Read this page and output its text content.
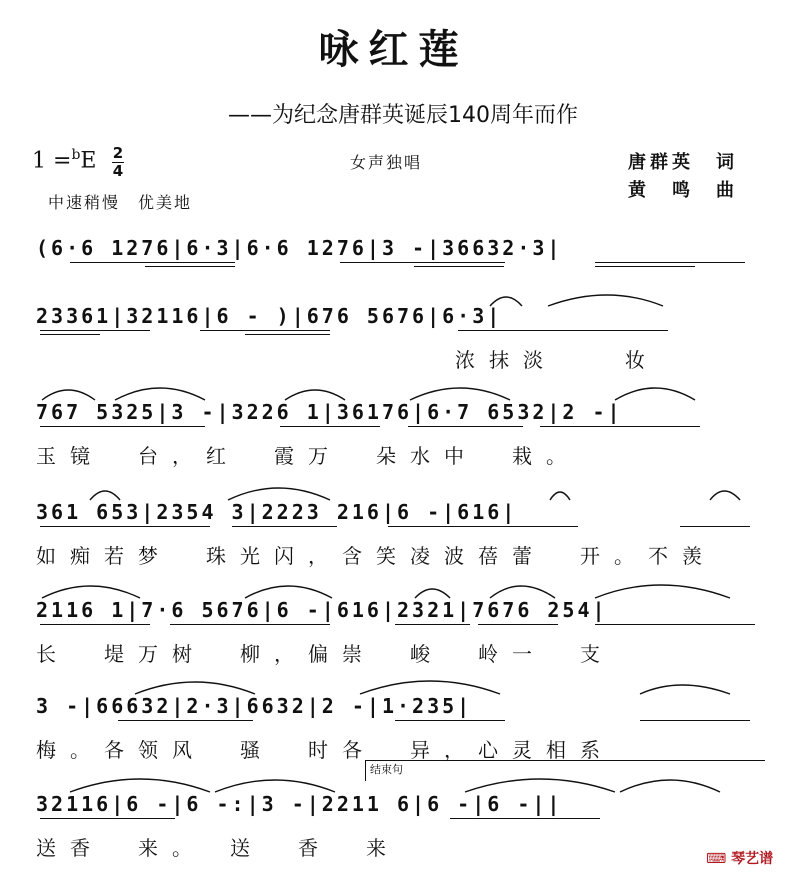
咏红莲
——为纪念唐群英诞辰140周年而作
1 =$^b$E 2
4
中速稍慢　优美地
女声独唱	唐群英　词
黄　鸣　曲
(6·6 1276|6·3|6·6 1276|3 -|36632·3|
23361|32116|6 - )|676 5676|6·3|
浓抹淡　　妆
767 5325|3 -|3226 1|36176|6·7 6532|2 -|
玉镜　台，红　霞万　朵水中　栽。
361 653|2354 3|2223 216|6 -|616|
如痴若梦　珠光闪，含笑凌波蓓蕾　开。不羡
2116 1|7·6 5676|6 -|616|2321|7676 254|
长　堤万树　柳，偏崇　峻　岭一　支
3 -|66632|2·3|6632|2 -|1·235|
梅。各领风　骚　时各　异，心灵相系
结束句
32116|6 -|6 -:|3 -|2211 6|6 -|6 -||
送香　来。　送　香　来	⌨ 琴艺谱
